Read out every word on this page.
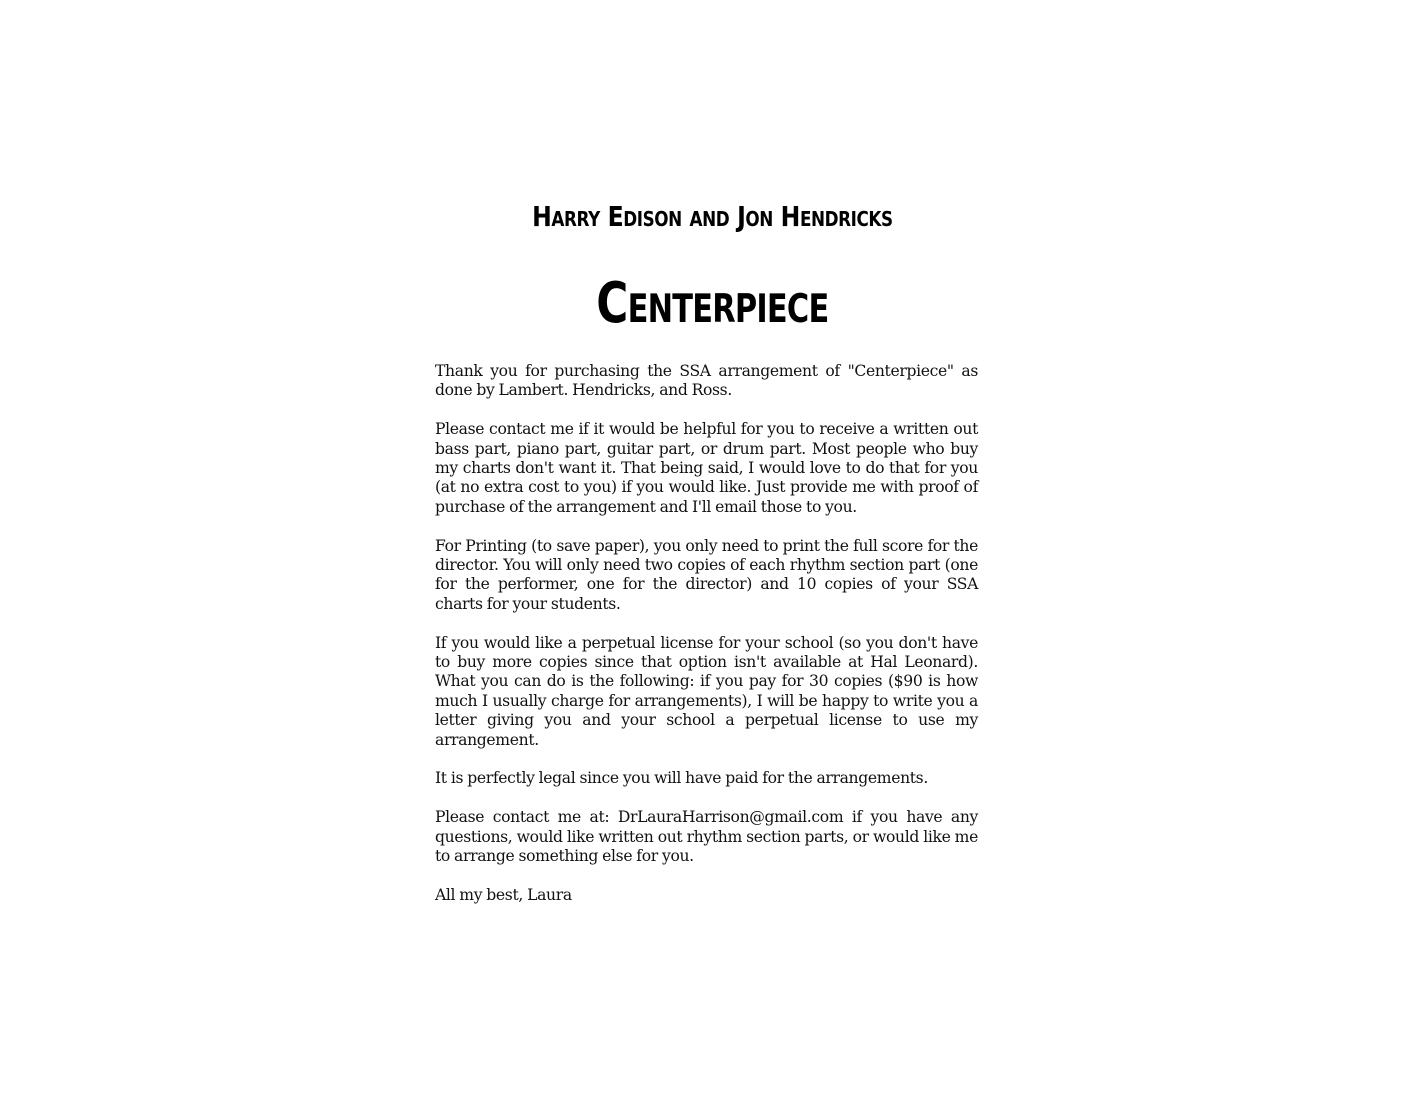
Harry Edison and Jon Hendricks
Centerpiece

Thank you for purchasing the SSA arrangement of "Centerpiece" as done by Lambert. Hendricks, and Ross.

Please contact me if it would be helpful for you to receive a written out bass part, piano part, guitar part, or drum part. Most people who buy my charts don't want it. That being said, I would love to do that for you (at no extra cost to you) if you would like. Just provide me with proof of purchase of the arrangement and I'll email those to you.

For Printing (to save paper), you only need to print the full score for the director. You will only need two copies of each rhythm section part (one for the performer, one for the director) and 10 copies of your SSA charts for your students.

If you would like a perpetual license for your school (so you don't have to buy more copies since that option isn't available at Hal Leonard). What you can do is the following: if you pay for 30 copies ($90 is how much I usually charge for arrangements), I will be happy to write you a letter giving you and your school a perpetual license to use my arrangement.

It is perfectly legal since you will have paid for the arrangements.

Please contact me at: DrLauraHarrison@gmail.com if you have any questions, would like written out rhythm section parts, or would like me to arrange something else for you.

All my best, Laura
